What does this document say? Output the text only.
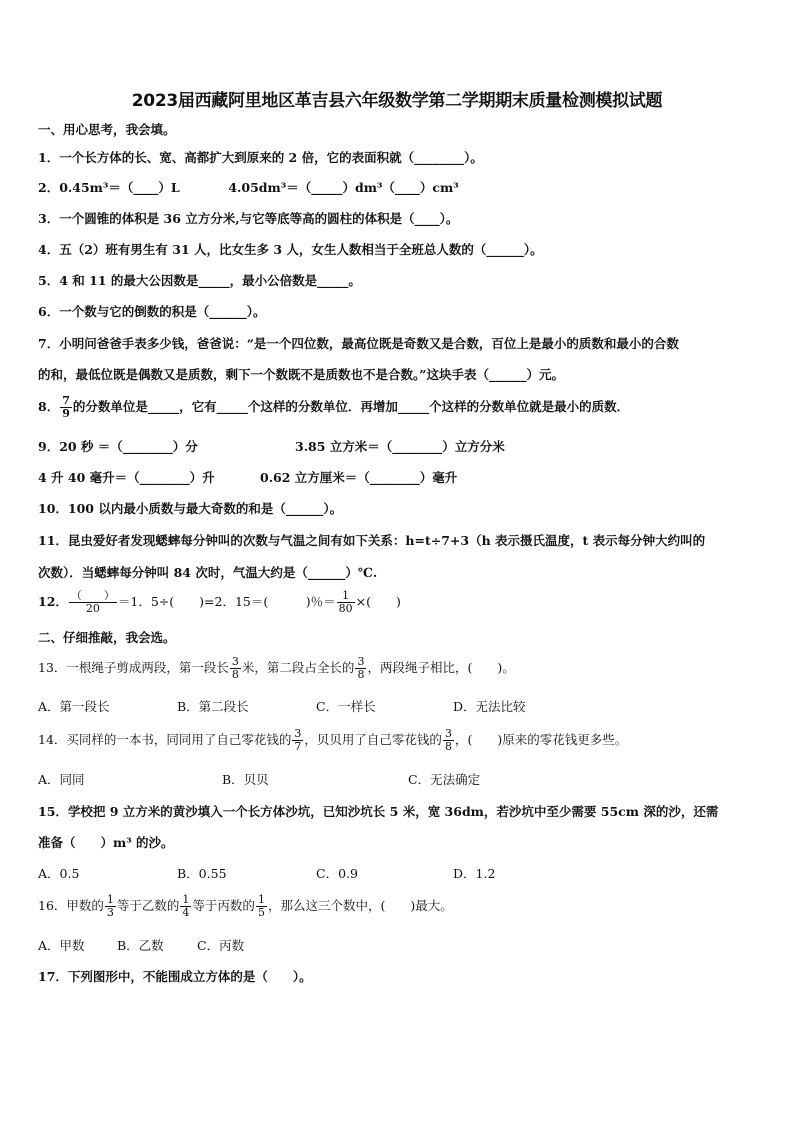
2023届西藏阿里地区革吉县六年级数学第二学期期末质量检测模拟试题
一、用心思考，我会填。
1．一个长方体的长、宽、高都扩大到原来的 2 倍，它的表面积就（________）。
2．0.45m³＝（____）L	4.05dm³＝（_____）dm³（____）cm³
3．一个圆锥的体积是 36 立方分米,与它等底等高的圆柱的体积是（____）。
4．五（2）班有男生有 31 人，比女生多 3 人，女生人数相当于全班总人数的（______）。
5．4 和 11 的最大公因数是_____，最小公倍数是_____。
6．一个数与它的倒数的积是（______）。
7．小明问爸爸手表多少钱，爸爸说：“是一个四位数，最高位既是奇数又是合数，百位上是最小的质数和最小的合数
的和，最低位既是偶数又是质数，剩下一个数既不是质数也不是合数。”这块手表（______）元。
8． $\frac{7}{9}$ 的分数单位是_____，它有_____个这样的分数单位．再增加_____个这样的分数单位就是最小的质数．
9．20 秒 ＝（________）分	3.85 立方米＝（________）立方分米
4 升 40 毫升＝（________）升	0.62 立方厘米＝（________）毫升
10．100 以内最小质数与最大奇数的和是（______）。
11．昆虫爱好者发现蟋蟀每分钟叫的次数与气温之间有如下关系：h=t÷7+3（h 表示摄氏温度，t 表示每分钟大约叫的
次数）．当蟋蟀每分钟叫 84 次时，气温大约是（______）℃.
12． $\frac{( )}{20} =1$．5÷(　　)=2．15＝(　　　)％＝ $\frac{1}{80}$ ×(　　)
二、仔细推敲，我会选。
13．一根绳子剪成两段，第一段长 $\frac{3}{8}$ 米，第二段占全长的 $\frac{3}{8}$ ，两段绳子相比，(　　)。
A．第一段长	B．第二段长	C．一样长	D．无法比较
14．买同样的一本书，同同用了自己零花钱的 $\frac{3}{7}$ ，贝贝用了自己零花钱的 $\frac{3}{8}$ ，(　　)原来的零花钱更多些。
A．同同	B．贝贝	C．无法确定
15．学校把 9 立方米的黄沙填入一个长方体沙坑，已知沙坑长 5 米，宽 36dm，若沙坑中至少需要 55cm 深的沙，还需
准备（　　）m³ 的沙。
A．0.5	B．0.55	C．0.9	D．1.2
16．甲数的 $\frac{1}{3}$ 等于乙数的 $\frac{1}{4}$ 等于丙数的 $\frac{1}{5}$ ，那么这三个数中，(　　)最大。
A．甲数	B．乙数	C．丙数
17．下列图形中，不能围成立方体的是（　　）。
